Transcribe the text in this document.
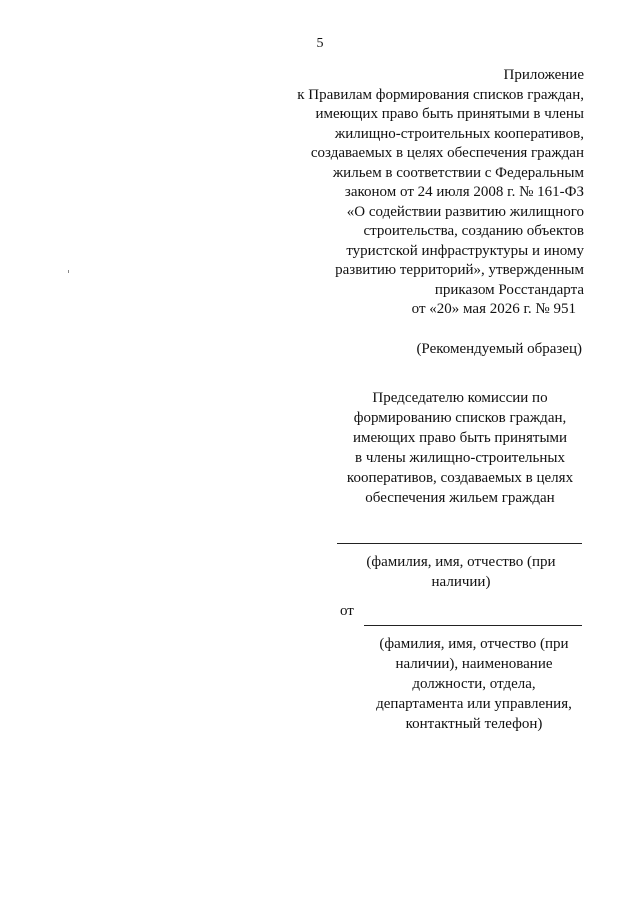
5
Приложение
к Правилам формирования списков граждан,
имеющих право быть принятыми в члены
жилищно-строительных кооперативов,
создаваемых в целях обеспечения граждан
жильем в соответствии с Федеральным
законом от 24 июля 2008 г. № 161-ФЗ
«О содействии развитию жилищного
строительства, созданию объектов
туристской инфраструктуры и иному
развитию территорий», утвержденным
приказом Росстандарта
от «20» мая 2026 г. № 951
(Рекомендуемый образец)
Председателю комиссии по
формированию списков граждан,
имеющих право быть принятыми
в члены жилищно-строительных
кооперативов, создаваемых в целях
обеспечения жильем граждан
(фамилия, имя, отчество (при
наличии)
от
(фамилия, имя, отчество (при
наличии), наименование
должности, отдела,
департамента или управления,
контактный телефон)
